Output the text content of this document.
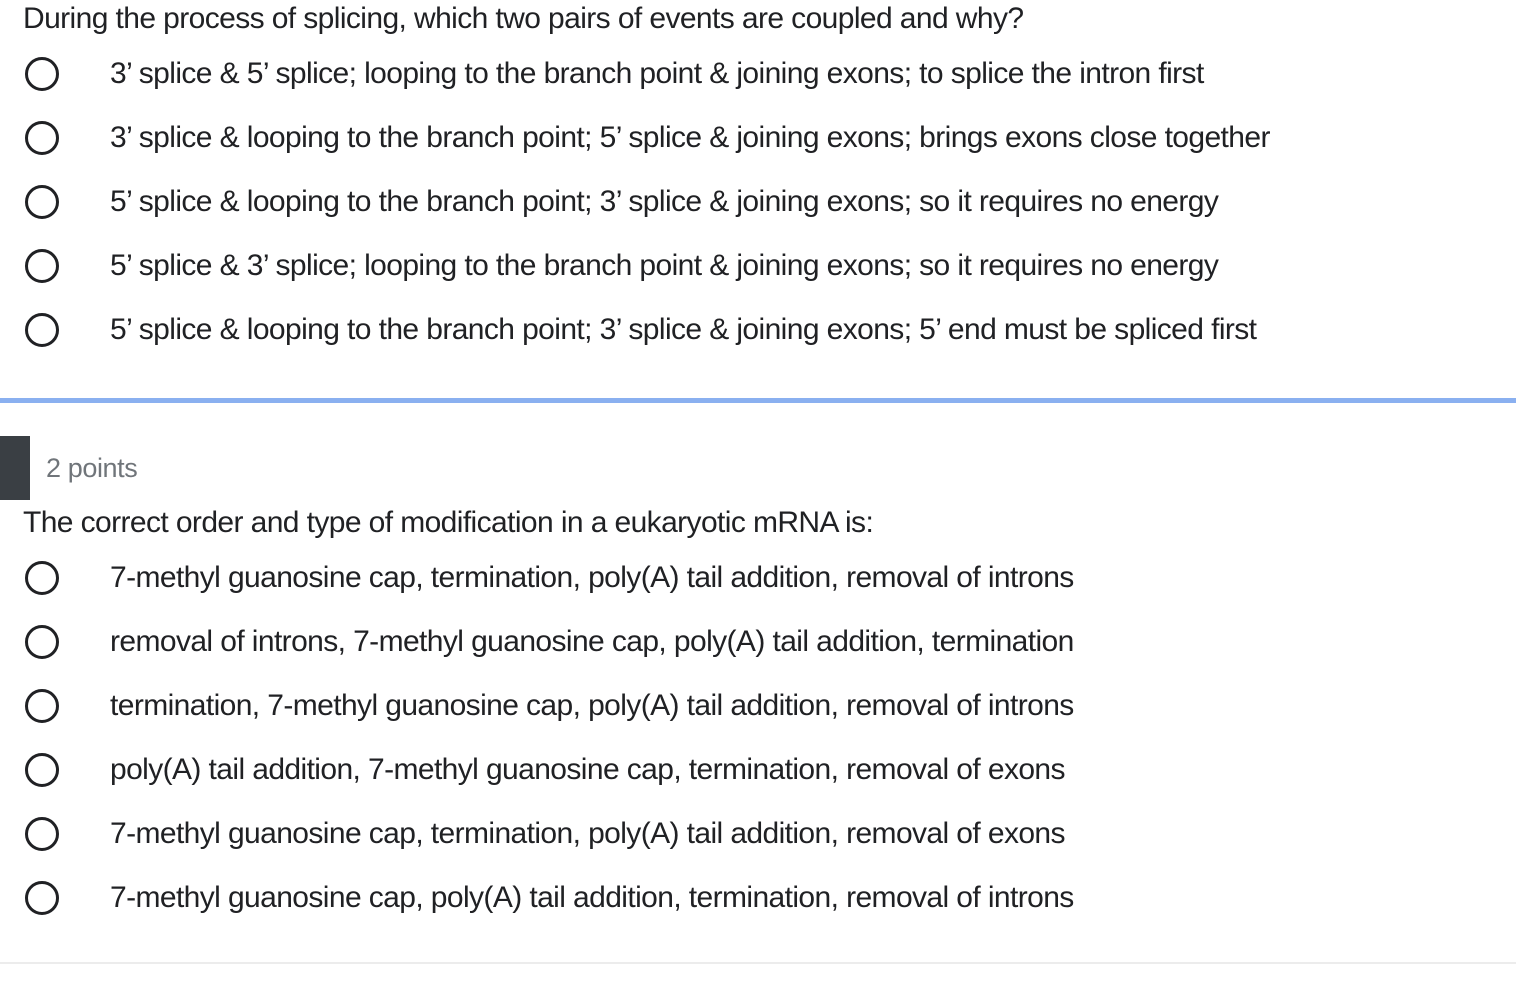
During the process of splicing, which two pairs of events are coupled and why?
3’ splice & 5’ splice; looping to the branch point & joining exons; to splice the intron first
3’ splice & looping to the branch point; 5’ splice & joining exons; brings exons close together
5’ splice & looping to the branch point; 3’ splice & joining exons; so it requires no energy
5’ splice & 3’ splice; looping to the branch point & joining exons; so it requires no energy
5’ splice & looping to the branch point; 3’ splice & joining exons; 5’ end must be spliced first
2 points
The correct order and type of modification in a eukaryotic mRNA is:
7-methyl guanosine cap, termination, poly(A) tail addition, removal of introns
removal of introns, 7-methyl guanosine cap, poly(A) tail addition, termination
termination, 7-methyl guanosine cap, poly(A) tail addition, removal of introns
poly(A) tail addition, 7-methyl guanosine cap, termination, removal of exons
7-methyl guanosine cap, termination, poly(A) tail addition, removal of exons
7-methyl guanosine cap, poly(A) tail addition, termination, removal of introns
